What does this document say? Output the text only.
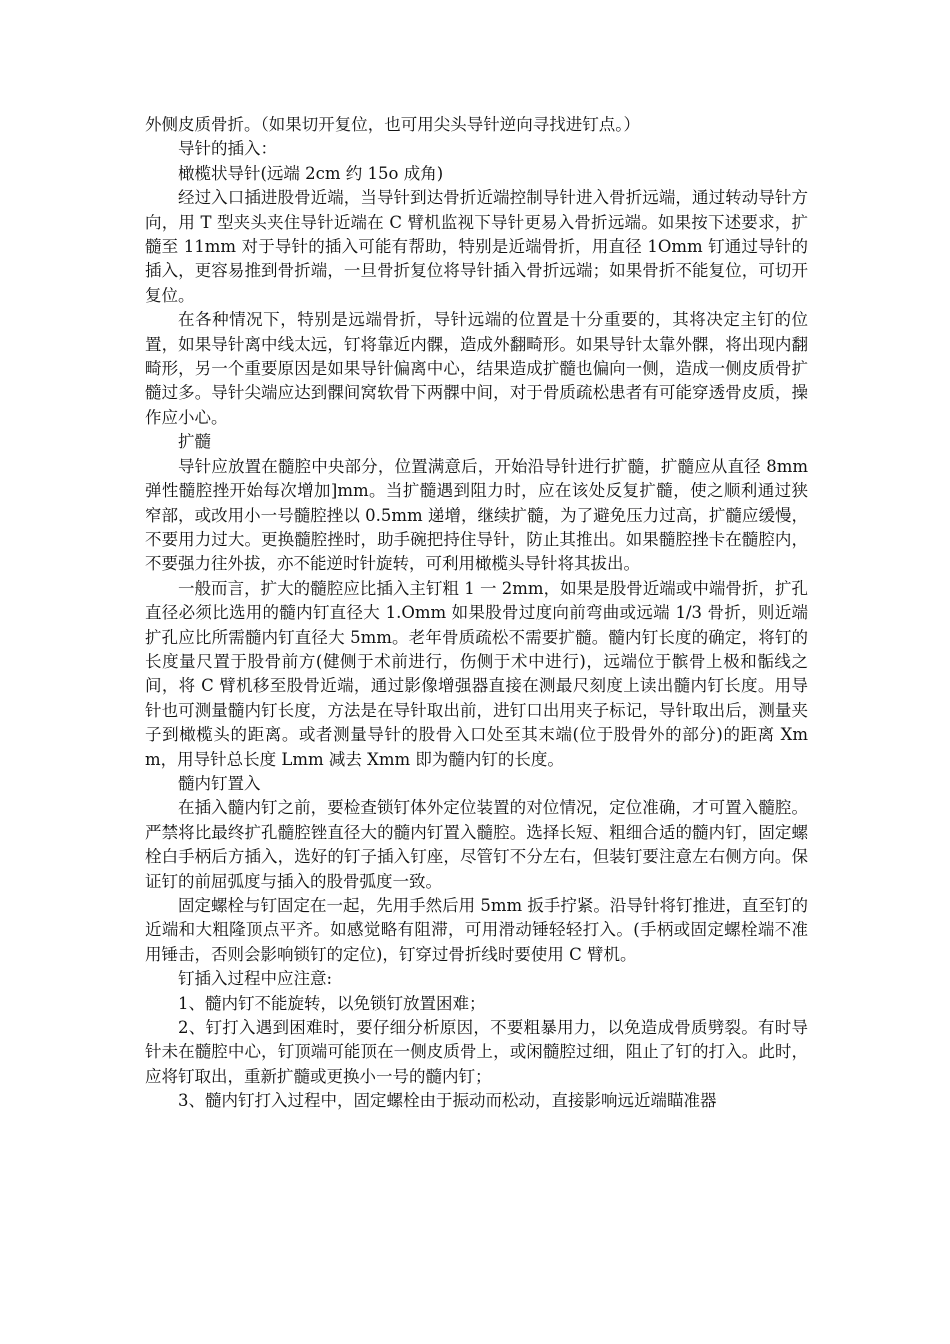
外侧皮质骨折。（如果切开复位，也可用尖头导针逆向寻找进钉点。）

导针的插入：

橄榄状导针(远端 2cm 约 15o 成角)

经过入口插进股骨近端，当导针到达骨折近端控制导针进入骨折远端，通过转动导针方向，用 T 型夹头夹住导针近端在 C 臂机监视下导针更易入骨折远端。如果按下述要求，扩髓至 11mm 对于导针的插入可能有帮助，特别是近端骨折，用直径 1Omm 钉通过导针的插入，更容易推到骨折端，一旦骨折复位将导针插入骨折远端；如果骨折不能复位，可切开复位。

在各种情况下，特别是远端骨折，导针远端的位置是十分重要的，其将决定主钉的位置，如果导针离中线太远，钉将靠近内髁，造成外翻畸形。如果导针太靠外髁，将出现内翻畸形，另一个重要原因是如果导针偏离中心，结果造成扩髓也偏向一侧，造成一侧皮质骨扩髓过多。导针尖端应达到髁间窝软骨下两髁中间，对于骨质疏松患者有可能穿透骨皮质，操作应小心。

扩髓

导针应放置在髓腔中央部分，位置满意后，开始沿导针进行扩髓，扩髓应从直径 8mm 弹性髓腔挫开始每次增加]mm。当扩髓遇到阻力时，应在该处反复扩髓，使之顺利通过狭窄部，或改用小一号髓腔挫以 0.5mm 递增，继续扩髓，为了避免压力过高，扩髓应缓慢，不要用力过大。更换髓腔挫时，助手碗把持住导针，防止其推出。如果髓腔挫卡在髓腔内，不要强力往外拔，亦不能逆时针旋转，可利用橄榄头导针将其拔出。

一般而言，扩大的髓腔应比插入主钉粗 1 一 2mm，如果是股骨近端或中端骨折，扩孔直径必须比选用的髓内钉直径大 1.Omm 如果股骨过度向前弯曲或远端 1/3 骨折，则近端扩孔应比所需髓内钉直径大 5mm。老年骨质疏松不需要扩髓。髓内钉长度的确定，将钉的长度量尺置于股骨前方(健侧于术前进行，伤侧于术中进行)，远端位于髌骨上极和骺线之间，将 C 臂机移至股骨近端，通过影像增强器直接在测最尺刻度上读出髓内钉长度。用导针也可测量髓内钉长度，方法是在导针取出前，进钉口出用夹子标记，导针取出后，测量夹子到橄榄头的距离。或者测量导针的股骨入口处至其末端(位于股骨外的部分)的距离 Xmm，用导针总长度 Lmm 减去 Xmm 即为髓内钉的长度。

髓内钉置入

在插入髓内钉之前，要检查锁钉体外定位装置的对位情况，定位准确，才可置入髓腔。严禁将比最终扩孔髓腔锉直径大的髓内钉置入髓腔。选择长短、粗细合适的髓内钉，固定螺栓白手柄后方插入，选好的钉子插入钉座，尽管钉不分左右，但装钉要注意左右侧方向。保证钉的前屈弧度与插入的股骨弧度一致。

固定螺栓与钉固定在一起，先用手然后用 5mm 扳手拧紧。沿导针将钉推进，直至钉的近端和大粗隆顶点平齐。如感觉略有阻滞，可用滑动锤轻轻打入。(手柄或固定螺栓端不准用锤击，否则会影响锁钉的定位)，钉穿过骨折线时要使用 C 臂机。

钉插入过程中应注意:

1、髓内钉不能旋转，以免锁钉放置困难；

2、钉打入遇到困难时，要仔细分析原因，不要粗暴用力，以免造成骨质劈裂。有时导针未在髓腔中心，钉顶端可能顶在一侧皮质骨上，或闲髓腔过细，阻止了钉的打入。此时，应将钉取出，重新扩髓或更换小一号的髓内钉；

3、髓内钉打入过程中，固定螺栓由于振动而松动，直接影响远近端瞄准器
